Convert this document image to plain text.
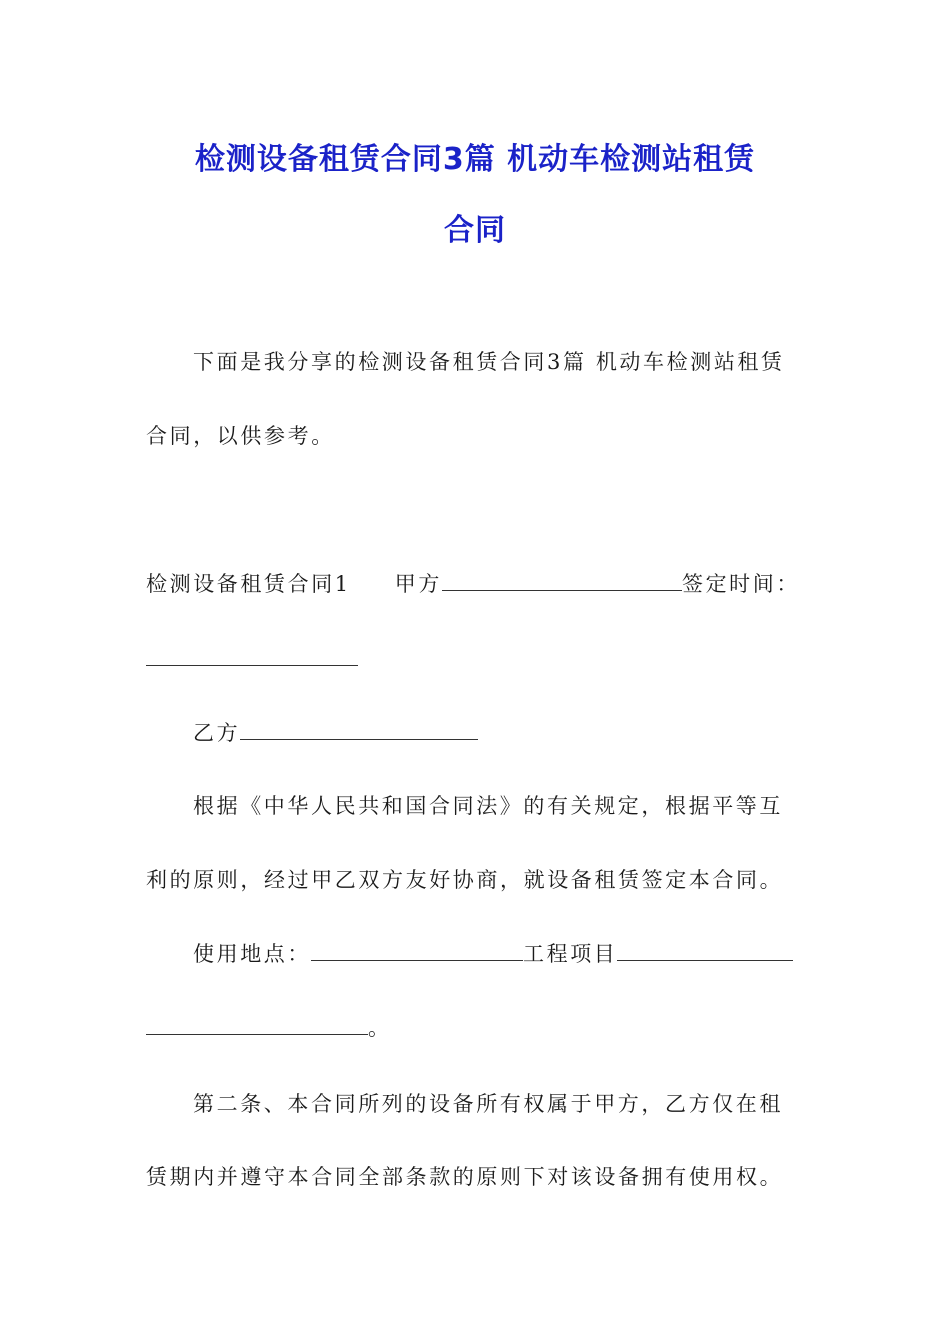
检测设备租赁合同3篇 机动车检测站租赁
合同
下面是我分享的检测设备租赁合同3篇 机动车检测站租赁
合同，以供参考。
检测设备租赁合同1 甲方	签定时间：
乙方
根据《中华人民共和国合同法》的有关规定，根据平等互
利的原则，经过甲乙双方友好协商，就设备租赁签定本合同。
使用地点：	工程项目
。
第二条、本合同所列的设备所有权属于甲方，乙方仅在租
赁期内并遵守本合同全部条款的原则下对该设备拥有使用权。
